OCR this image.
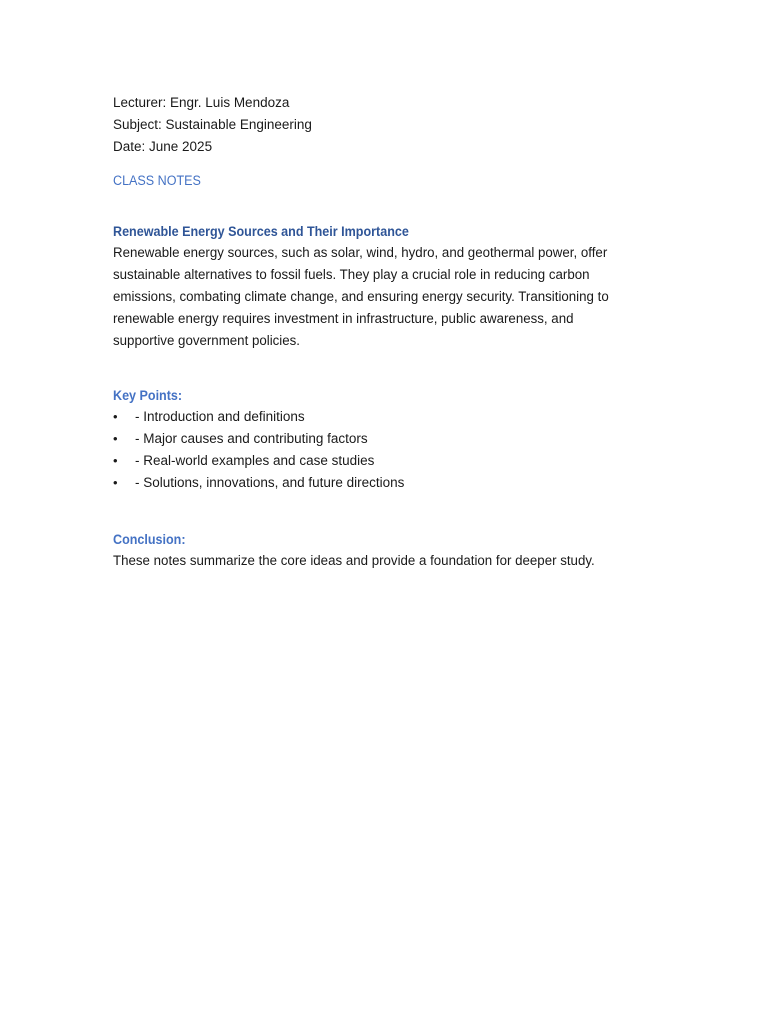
Lecturer: Engr. Luis Mendoza

Subject: Sustainable Engineering

Date: June 2025

CLASS NOTES
Renewable Energy Sources and Their Importance

Renewable energy sources, such as solar, wind, hydro, and geothermal power, offer sustainable alternatives to fossil fuels. They play a crucial role in reducing carbon emissions, combating climate change, and ensuring energy security. Transitioning to renewable energy requires investment in infrastructure, public awareness, and supportive government policies.

Key Points:
• - Introduction and definitions
• - Major causes and contributing factors
• - Real-world examples and case studies
• - Solutions, innovations, and future directions
Conclusion:

These notes summarize the core ideas and provide a foundation for deeper study.
